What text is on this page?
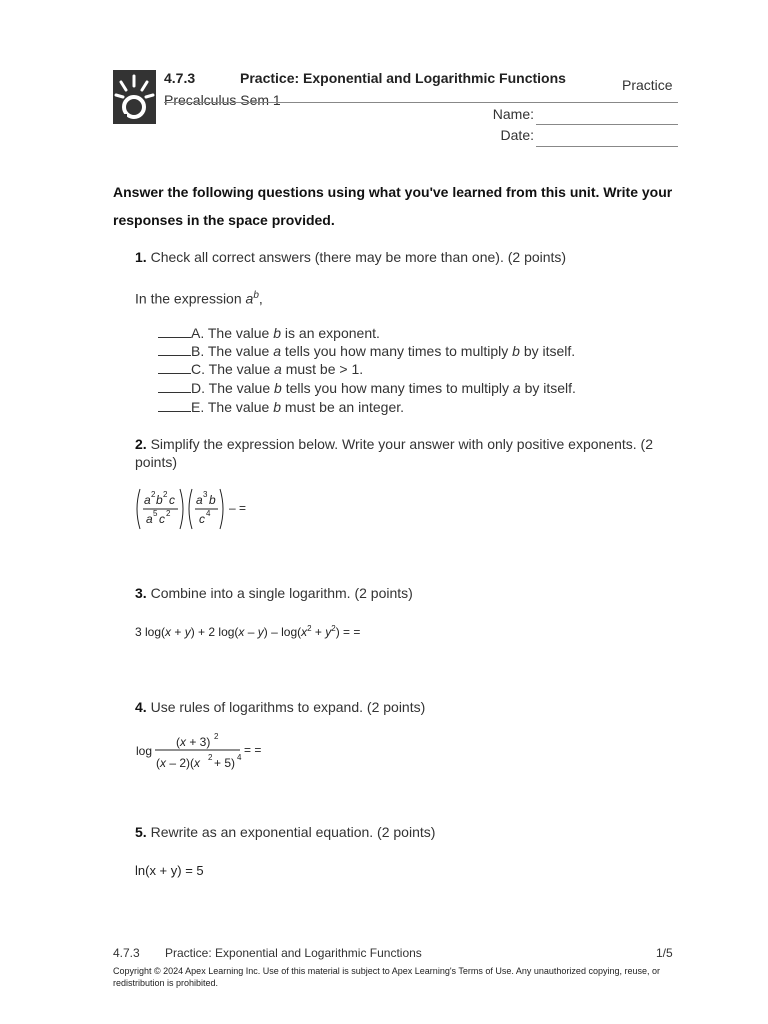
4.7.3	Practice: Exponential and Logarithmic Functions
Precalculus Sem 1
Practice
Name:
Date:
Answer the following questions using what you've learned from this unit. Write your responses in the space provided.
1. Check all correct answers (there may be more than one). (2 points)
In the expression $a^b$,
A. The value b is an exponent.
B. The value a tells you how many times to multiply b by itself.
C. The value a must be > 1.
D. The value b tells you how many times to multiply a by itself.
E. The value b must be an integer.
2. Simplify the expression below. Write your answer with only positive exponents. (2 points)
a 2 b 2 c
a 5 c 2
a 3 b
c 4 – =
3. Combine into a single logarithm. (2 points)
3 log(x + y) + 2 $\log(x - y) - \log(x^2 + y^2)$ = =
4. Use rules of logarithms to expand. (2 points)
log
(x + 3) 2
(x – 2)(x 2 + 5) 4
= =
5. Rewrite as an exponential equation. (2 points)
ln(x + y) = 5
4.7.3 Practice: Exponential and Logarithmic Functions	1/5
Copyright © 2024 Apex Learning Inc. Use of this material is subject to Apex Learning's Terms of Use. Any unauthorized copying, reuse, or redistribution is prohibited.
